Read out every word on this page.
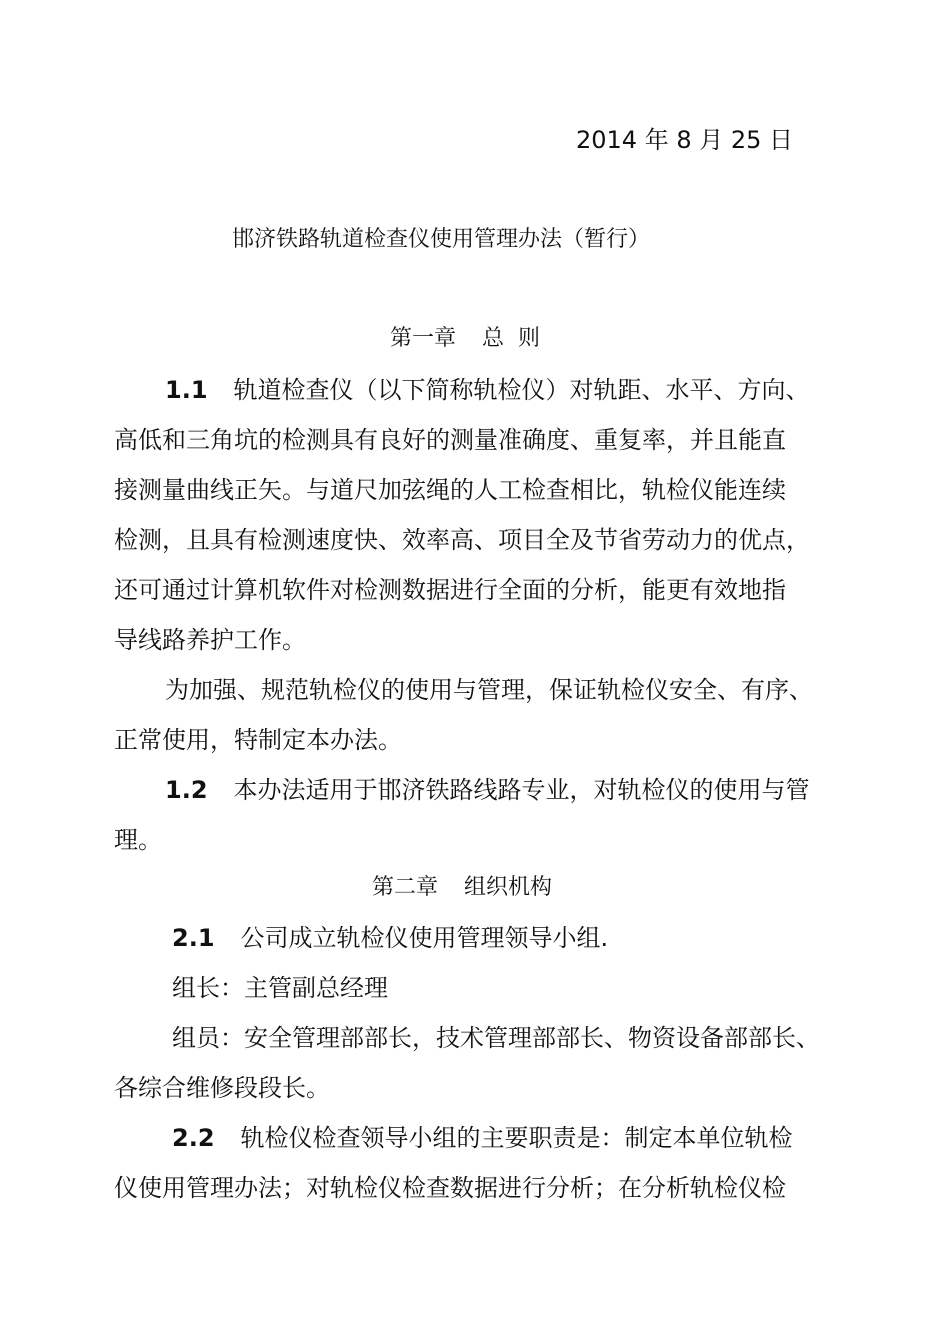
2014 年 8 月 25 日
邯济铁路轨道检查仪使用管理办法（暂行）
第一章 总 则
1.1 轨道检查仪（以下简称轨检仪）对轨距、水平、方向、
高低和三角坑的检测具有良好的测量准确度、重复率，并且能直
接测量曲线正矢。与道尺加弦绳的人工检查相比，轨检仪能连续
检测，且具有检测速度快、效率高、项目全及节省劳动力的优点，
还可通过计算机软件对检测数据进行全面的分析，能更有效地指
导线路养护工作。
为加强、规范轨检仪的使用与管理，保证轨检仪安全、有序、
正常使用，特制定本办法。
1.2 本办法适用于邯济铁路线路专业，对轨检仪的使用与管
理。
第二章 组织机构
2.1 公司成立轨检仪使用管理领导小组.
组长：主管副总经理
组员：安全管理部部长，技术管理部部长、物资设备部部长、
各综合维修段段长。
2.2 轨检仪检查领导小组的主要职责是：制定本单位轨检
仪使用管理办法；对轨检仪检查数据进行分析；在分析轨检仪检
